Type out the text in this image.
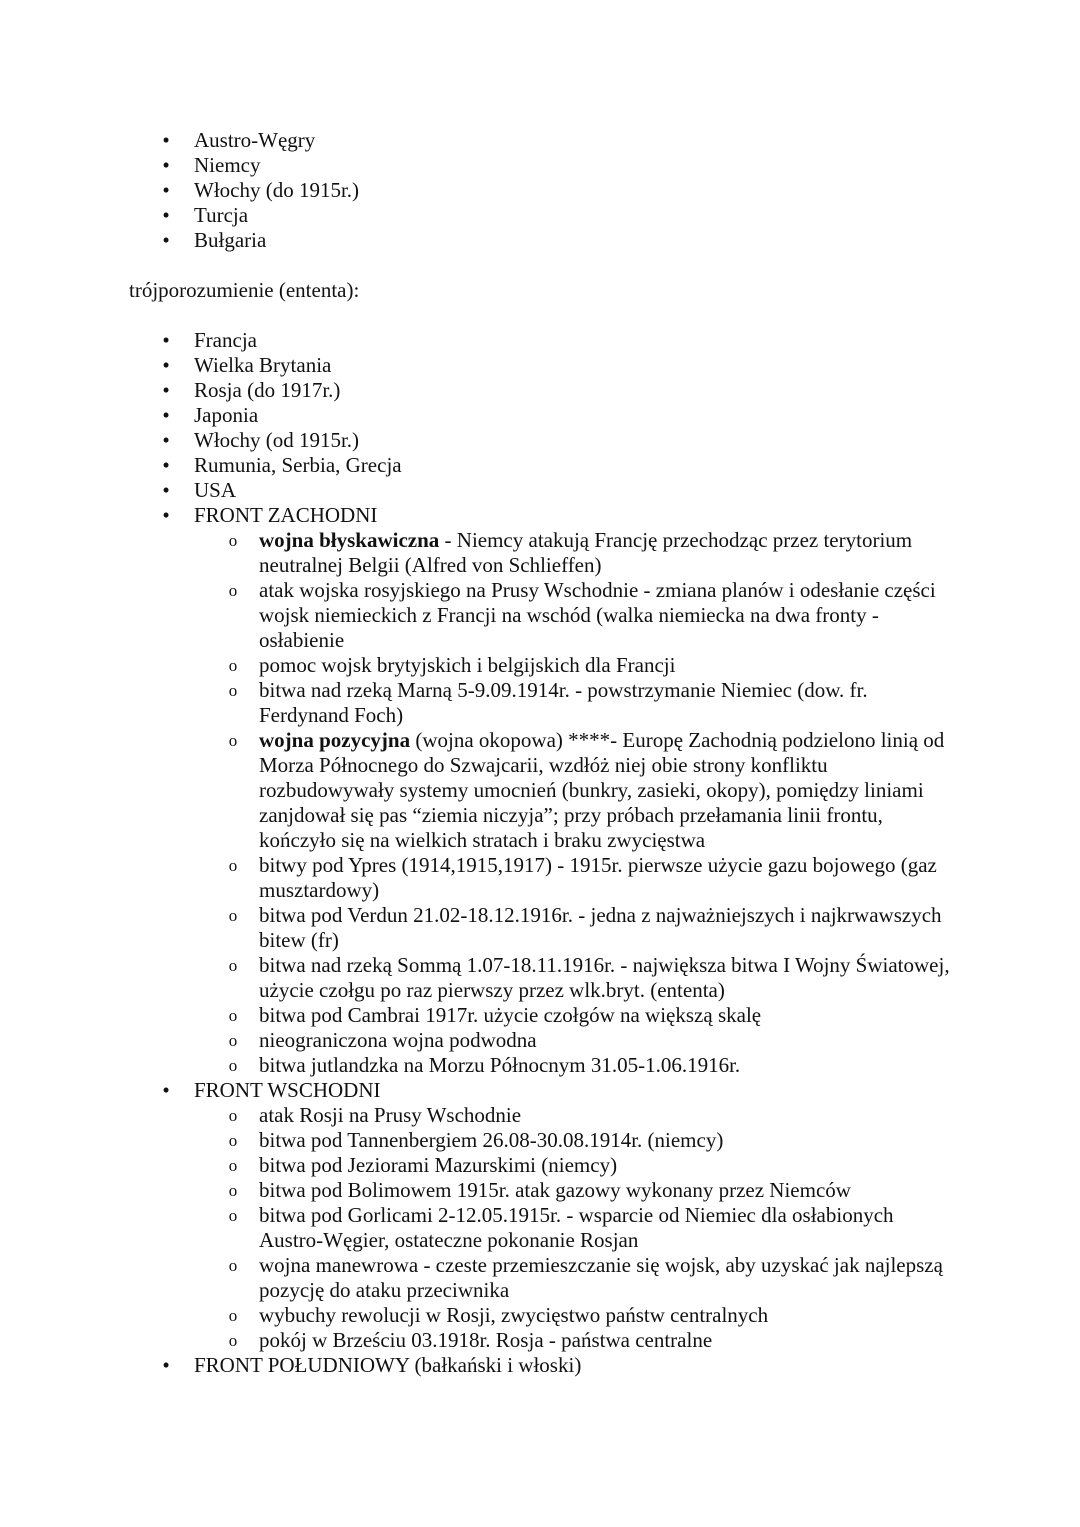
•	Austro-Węgry
•	Niemcy
•	Włochy (do 1915r.)
•	Turcja
•	Bułgaria

trójporozumienie (ententa):

•	Francja
•	Wielka Brytania
•	Rosja (do 1917r.)
•	Japonia
•	Włochy (od 1915r.)
•	Rumunia, Serbia, Grecja
•	USA
•	FRONT ZACHODNI
o wojna błyskawiczna - Niemcy atakują Francję przechodząc przez terytorium neutralnej Belgii (Alfred von Schlieffen)
o atak wojska rosyjskiego na Prusy Wschodnie - zmiana planów i odesłanie części wojsk niemieckich z Francji na wschód (walka niemiecka na dwa fronty - osłabienie
o pomoc wojsk brytyjskich i belgijskich dla Francji
o bitwa nad rzeką Marną 5-9.09.1914r. - powstrzymanie Niemiec (dow. fr. Ferdynand Foch)
o wojna pozycyjna (wojna okopowa) ****- Europę Zachodnią podzielono linią od Morza Północnego do Szwajcarii, wzdłóż niej obie strony konfliktu rozbudowywały systemy umocnień (bunkry, zasieki, okopy), pomiędzy liniami zanjdował się pas “ziemia niczyja”; przy próbach przełamania linii frontu, kończyło się na wielkich stratach i braku zwycięstwa
o bitwy pod Ypres (1914,1915,1917) - 1915r. pierwsze użycie gazu bojowego (gaz musztardowy)
o bitwa pod Verdun 21.02-18.12.1916r. - jedna z najważniejszych i najkrwawszych bitew (fr)
o bitwa nad rzeką Sommą 1.07-18.11.1916r. - największa bitwa I Wojny Światowej, użycie czołgu po raz pierwszy przez wlk.bryt. (ententa)
o bitwa pod Cambrai 1917r. użycie czołgów na większą skalę
o nieograniczona wojna podwodna
o bitwa jutlandzka na Morzu Północnym 31.05-1.06.1916r.
•	FRONT WSCHODNI
o atak Rosji na Prusy Wschodnie
o bitwa pod Tannenbergiem 26.08-30.08.1914r. (niemcy)
o bitwa pod Jeziorami Mazurskimi (niemcy)
o bitwa pod Bolimowem 1915r. atak gazowy wykonany przez Niemców
o bitwa pod Gorlicami 2-12.05.1915r. - wsparcie od Niemiec dla osłabionych Austro-Węgier, ostateczne pokonanie Rosjan
o wojna manewrowa - czeste przemieszczanie się wojsk, aby uzyskać jak najlepszą pozycję do ataku przeciwnika
o wybuchy rewolucji w Rosji, zwycięstwo państw centralnych
o pokój w Brześciu 03.1918r. Rosja - państwa centralne
•	FRONT POŁUDNIOWY (bałkański i włoski)
